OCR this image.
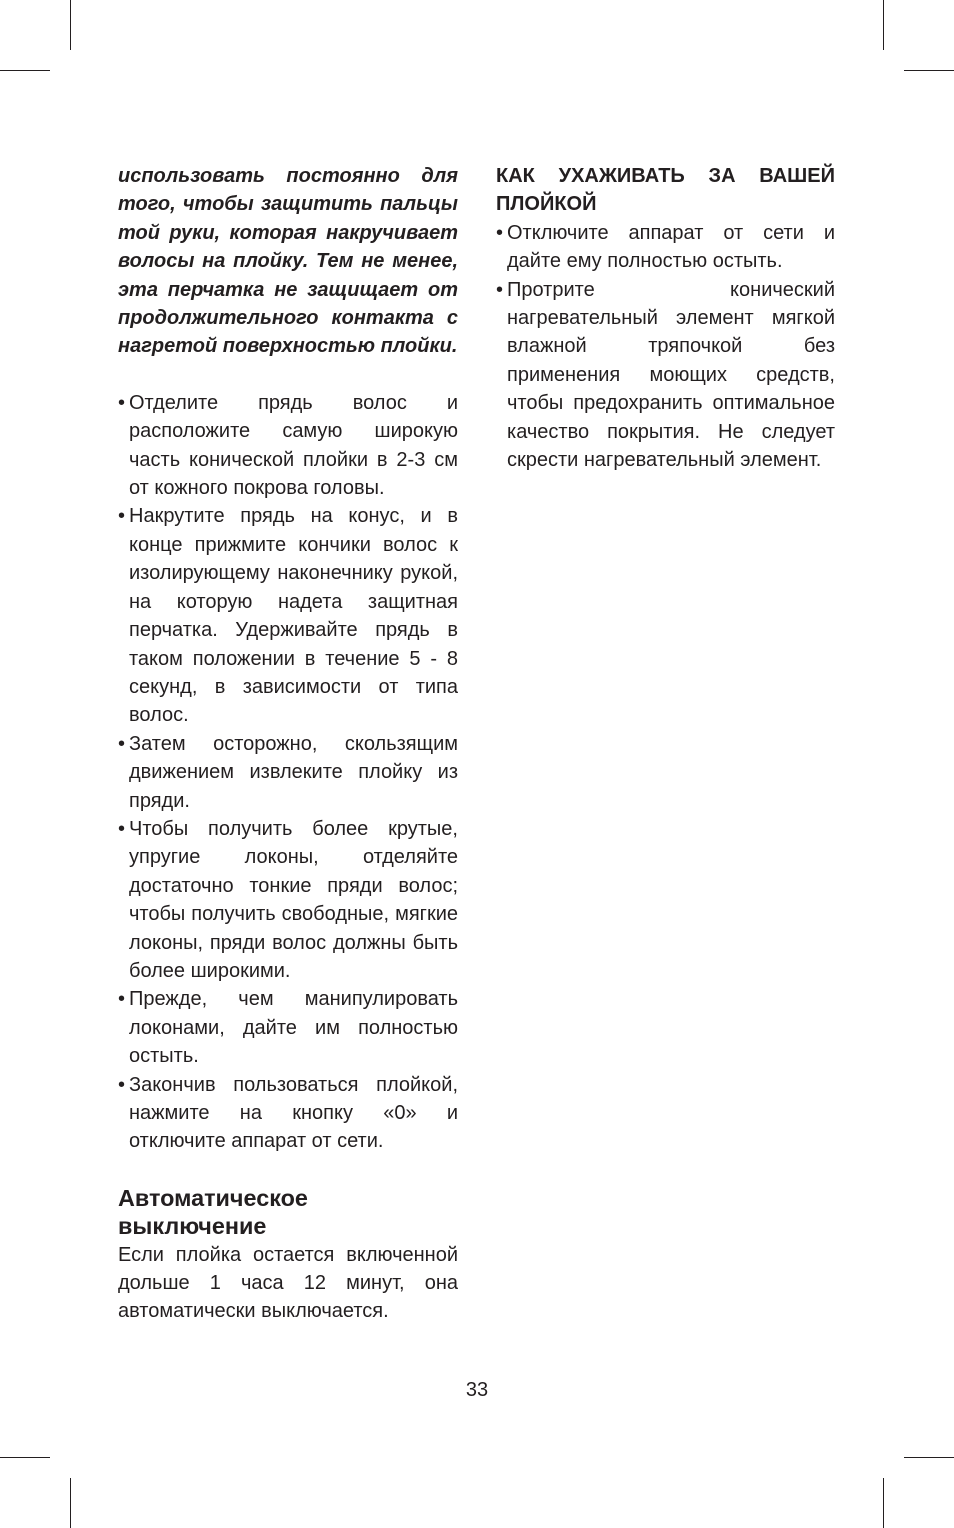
использовать постоянно для того, чтобы защитить пальцы той руки, которая накручивает волосы на плойку. Тем не менее, эта перчатка не защищает от продолжительного контакта с нагретой поверхностью плойки.

• Отделите прядь волос и расположите самую широкую часть конической плойки в 2-3 см от кожного покрова головы.
• Накрутите прядь на конус, и в конце прижмите кончики волос к изолирующему наконечнику рукой, на которую надета защитная перчатка. Удерживайте прядь в таком положении в течение 5 - 8 секунд, в зависимости от типа волос.
• Затем осторожно, скользящим движением извлеките плойку из пряди.
• Чтобы получить более крутые, упругие локоны, отделяйте достаточно тонкие пряди волос; чтобы получить свободные, мягкие локоны, пряди волос должны быть более широкими.
• Прежде, чем манипулировать локонами, дайте им полностью остыть.
• Закончив пользоваться плойкой, нажмите на кнопку «0» и отключите аппарат от сети.
Автоматическое выключение

Если плойка остается включенной дольше 1 часа 12 минут, она автоматически выключается.

КАК УХАЖИВАТЬ ЗА ВАШЕЙ ПЛОЙКОЙ
• Отключите аппарат от сети и дайте ему полностью остыть.
• Протрите конический нагревательный элемент мягкой влажной тряпочкой без применения моющих средств, чтобы предохранить оптимальное качество покрытия. Не следует скрести нагревательный элемент.
33
